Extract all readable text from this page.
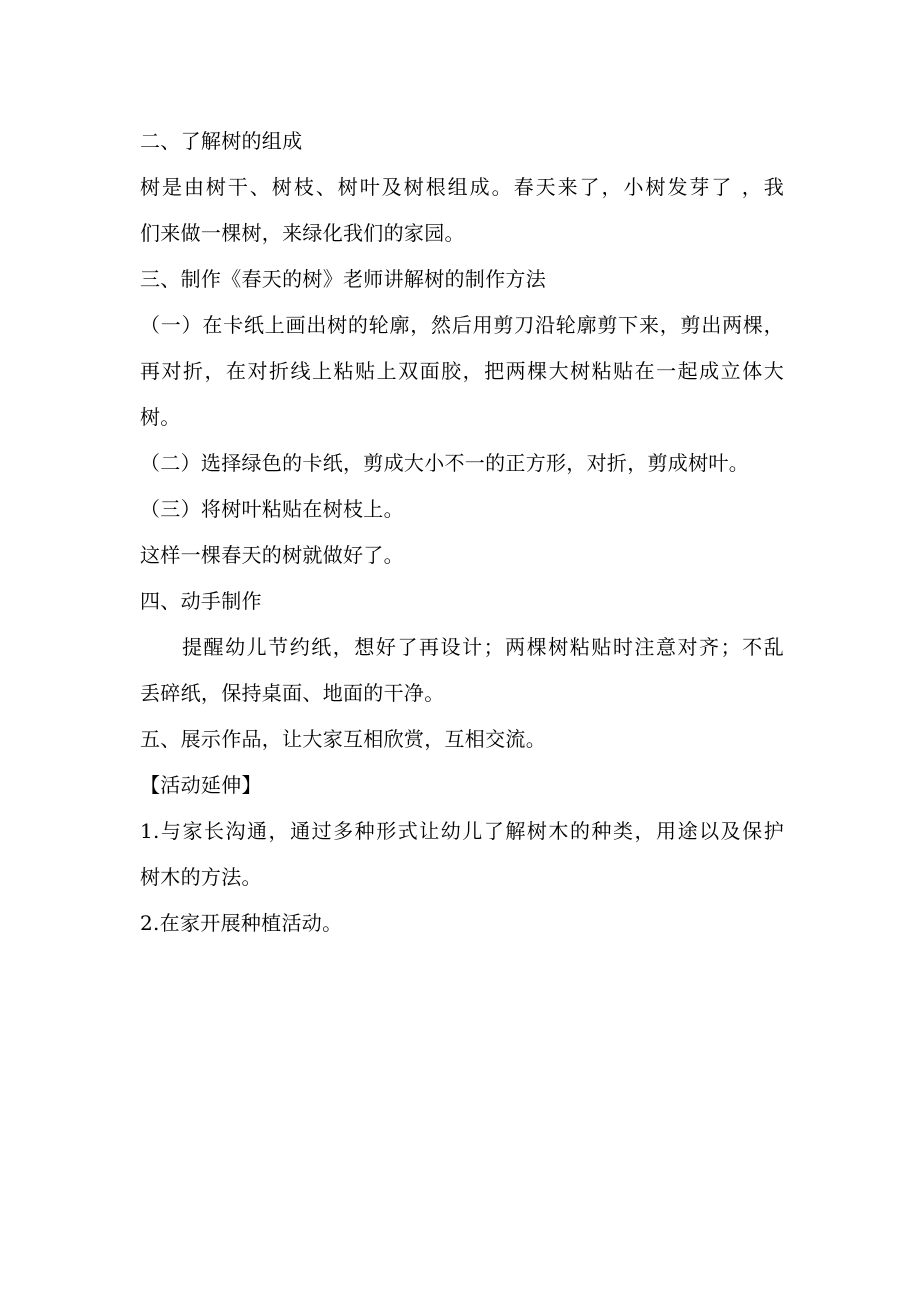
二、了解树的组成
树是由树干、树枝、树叶及树根组成。春天来了，小树发芽了 ，我
们来做一棵树，来绿化我们的家园。
三、制作《春天的树》老师讲解树的制作方法
（一）在卡纸上画出树的轮廓，然后用剪刀沿轮廓剪下来，剪出两棵，
再对折，在对折线上粘贴上双面胶，把两棵大树粘贴在一起成立体大
树。
（二）选择绿色的卡纸，剪成大小不一的正方形，对折，剪成树叶。
（三）将树叶粘贴在树枝上。
这样一棵春天的树就做好了。
四、动手制作
提醒幼儿节约纸，想好了再设计；两棵树粘贴时注意对齐；不乱
丢碎纸，保持桌面、地面的干净。
五、展示作品，让大家互相欣赏，互相交流。
【活动延伸】
1.与家长沟通，通过多种形式让幼儿了解树木的种类，用途以及保护
树木的方法。
2.在家开展种植活动。
